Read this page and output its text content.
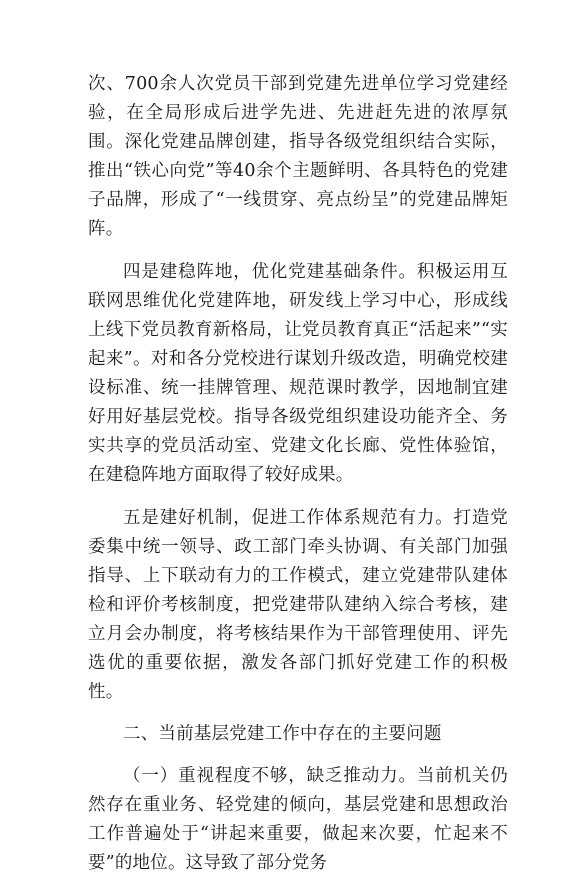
次、700余人次党员干部到党建先进单位学习党建经验，在全局形成后进学先进、先进赶先进的浓厚氛围。深化党建品牌创建，指导各级党组织结合实际，推出“铁心向党”等40余个主题鲜明、各具特色的党建子品牌，形成了“一线贯穿、亮点纷呈”的党建品牌矩阵。

四是建稳阵地，优化党建基础条件。积极运用互联网思维优化党建阵地，研发线上学习中心，形成线上线下党员教育新格局，让党员教育真正“活起来”“实起来”。对和各分党校进行谋划升级改造，明确党校建设标准、统一挂牌管理、规范课时教学，因地制宜建好用好基层党校。指导各级党组织建设功能齐全、务实共享的党员活动室、党建文化长廊、党性体验馆，在建稳阵地方面取得了较好成果。

五是建好机制，促进工作体系规范有力。打造党委集中统一领导、政工部门牵头协调、有关部门加强指导、上下联动有力的工作模式，建立党建带队建体检和评价考核制度，把党建带队建纳入综合考核，建立月会办制度，将考核结果作为干部管理使用、评先选优的重要依据，激发各部门抓好党建工作的积极性。

二、当前基层党建工作中存在的主要问题

（一）重视程度不够，缺乏推动力。当前机关仍然存在重业务、轻党建的倾向，基层党建和思想政治工作普遍处于“讲起来重要，做起来次要，忙起来不要”的地位。这导致了部分党务
